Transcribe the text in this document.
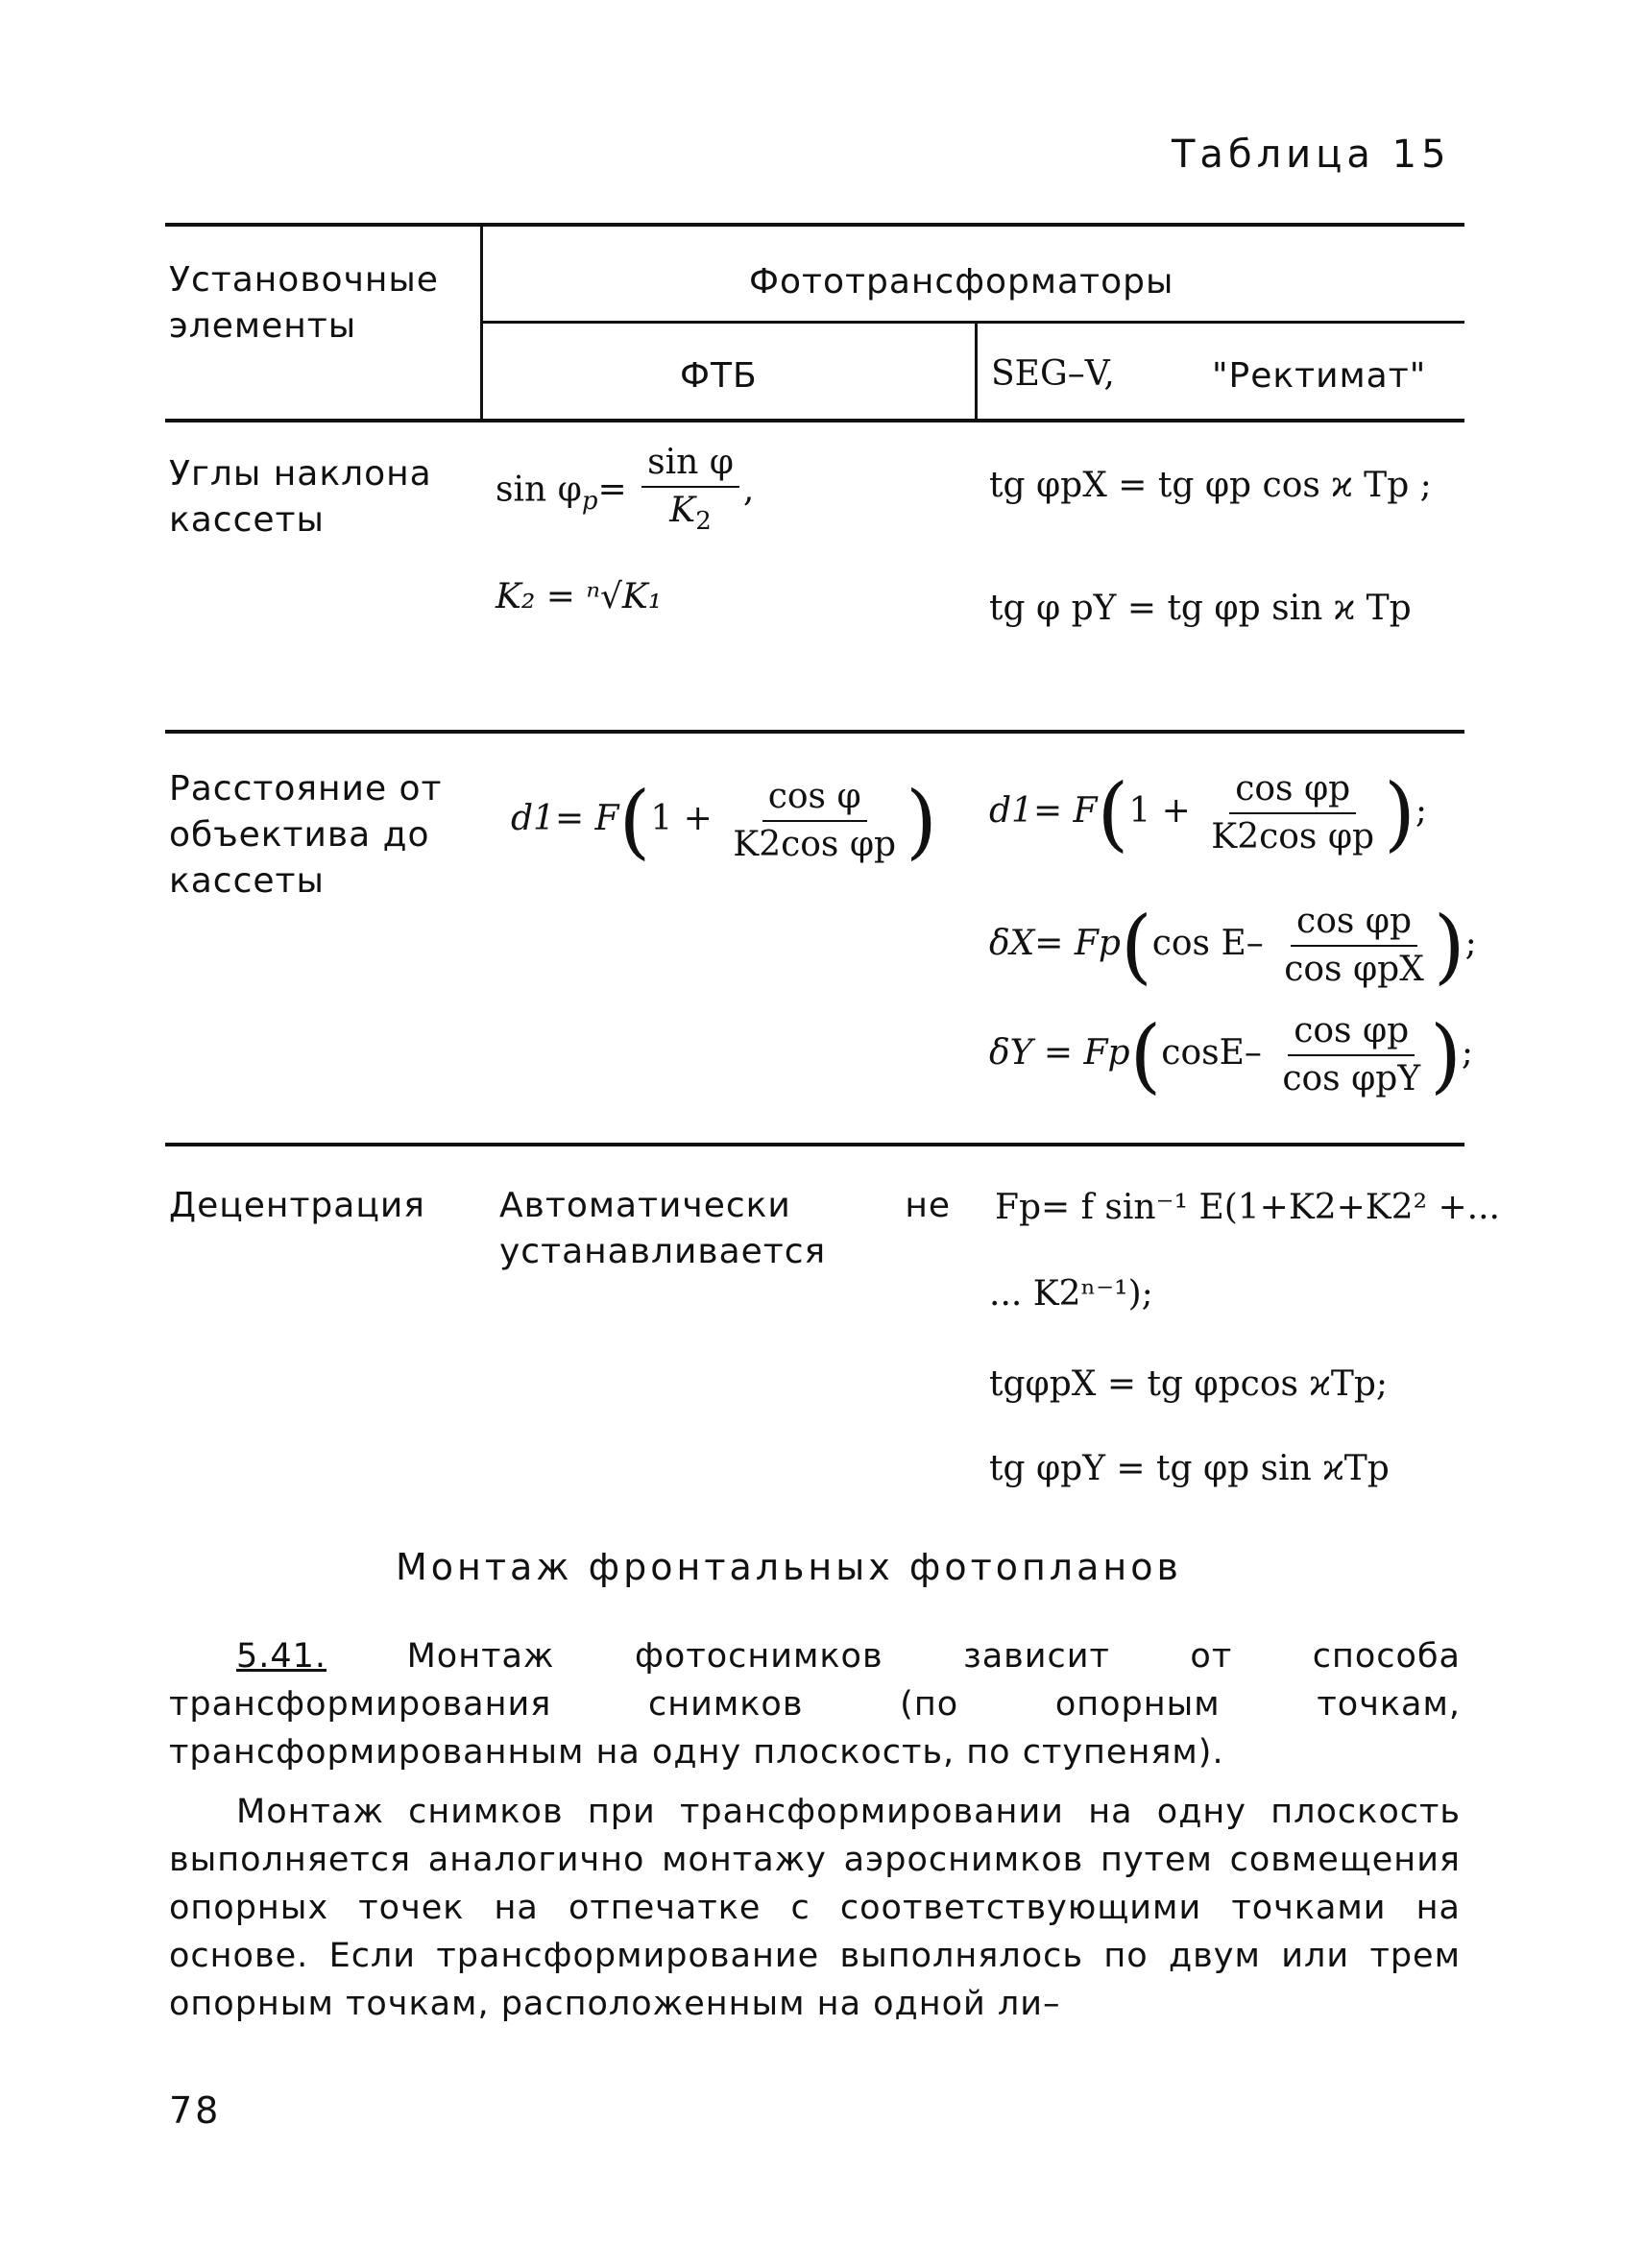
Таблица 15
Установочные элементы
Фототрансформаторы
ФТБ	SEG–V,	"Ректимат"
Углы наклона кассеты
$\sin \varphi_p= \frac{\text{sin φ}}{K_2}$ ,
K₂ = ⁿ√K₁
tg φpX = tg φp cos ϰ Tp ;
tg φ pY = tg φp sin ϰ Tp
Расстояние от объектива до кассеты
$d1= F(1 + \frac{\text{cos φ}}{\text{K2cos φp}}$ ) $d1= F(1 + \frac{\text{cos φp}}{\text{K2cos φp}}$ );
δX= Fp(cos $E- \frac{\text{cos φp}}{\text{cos φpX}}$ );
$\delta Y = Fp(\cos E- \frac{\text{cos φp}}{\text{cos φpY}}$ );
Децентрация Автоматически не устанавливается
Fp= f sin⁻¹ E(1+K2+K2² +...
... K2ⁿ⁻¹);
tgφpX = tg φpcos ϰTp;
tg φpY = tg φp sin ϰTp
Монтаж фронтальных фотопланов
5.41. Монтаж фотоснимков зависит от способа трансформирования снимков (по опорным точкам, трансформированным на одну плоскость, по ступеням).
Монтаж снимков при трансформировании на одну плоскость выполняется аналогично монтажу аэроснимков путем совмещения опорных точек на отпечатке с соответствующими точками на основе. Если трансформирование выполнялось по двум или трем опорным точкам, расположенным на одной ли–
78
